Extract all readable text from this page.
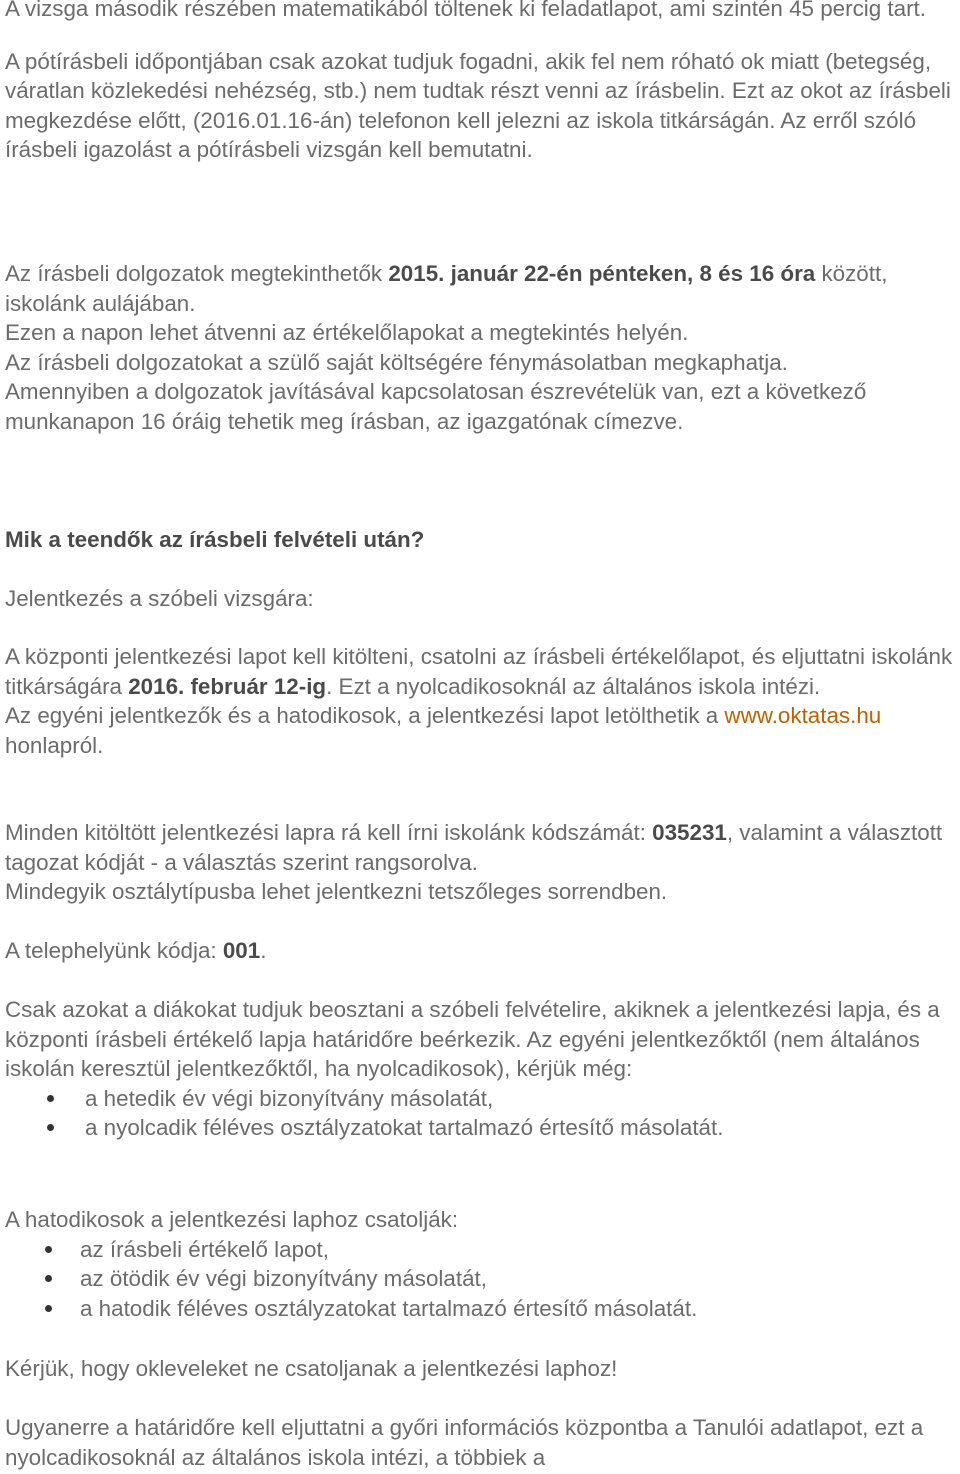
A vizsga második részében matematikából töltenek ki feladatlapot, ami szintén 45 percig tart.

A pótírásbeli időpontjában csak azokat tudjuk fogadni, akik fel nem róható ok miatt (betegség, váratlan közlekedési nehézség, stb.) nem tudtak részt venni az írásbelin. Ezt az okot az írásbeli megkezdése előtt, (2016.01.16-án) telefonon kell jelezni az iskola titkárságán. Az erről szóló írásbeli igazolást a pótírásbeli vizsgán kell bemutatni.

Az írásbeli dolgozatok megtekinthetők 2015. január 22-én pénteken, 8 és 16 óra között, iskolánk aulájában.

Ezen a napon lehet átvenni az értékelőlapokat a megtekintés helyén.

Az írásbeli dolgozatokat a szülő saját költségére fénymásolatban megkaphatja.

Amennyiben a dolgozatok javításával kapcsolatosan észrevételük van, ezt a következő munkanapon 16 óráig tehetik meg írásban, az igazgatónak címezve.

Mik a teendők az írásbeli felvételi után?
Jelentkezés a szóbeli vizsgára:

A központi jelentkezési lapot kell kitölteni, csatolni az írásbeli értékelőlapot, és eljuttatni iskolánk titkárságára 2016. február 12-ig. Ezt a nyolcadikosoknál az általános iskola intézi.

Az egyéni jelentkezők és a hatodikosok, a jelentkezési lapot letölthetik a www.oktatas.hu honlapról.

Minden kitöltött jelentkezési lapra rá kell írni iskolánk kódszámát: 035231, valamint a választott tagozat kódját - a választás szerint rangsorolva.

Mindegyik osztálytípusba lehet jelentkezni tetszőleges sorrendben.

A telephelyünk kódja: 001.

Csak azokat a diákokat tudjuk beosztani a szóbeli felvételire, akiknek a jelentkezési lapja, és a központi írásbeli értékelő lapja határidőre beérkezik. Az egyéni jelentkezőktől (nem általános iskolán keresztül jelentkezőktől, ha nyolcadikosok), kérjük még:

a hetedik év végi bizonyítvány másolatát,
a nyolcadik féléves osztályzatokat tartalmazó értesítő másolatát.

A hatodikosok a jelentkezési laphoz csatolják:

az írásbeli értékelő lapot,
az ötödik év végi bizonyítvány másolatát,
a hatodik féléves osztályzatokat tartalmazó értesítő másolatát.
Kérjük, hogy okleveleket ne csatoljanak a jelentkezési laphoz!
Ugyanerre a határidőre kell eljuttatni a győri információs központba a Tanulói adatlapot, ezt a nyolcadikosoknál az általános iskola intézi, a többiek a
